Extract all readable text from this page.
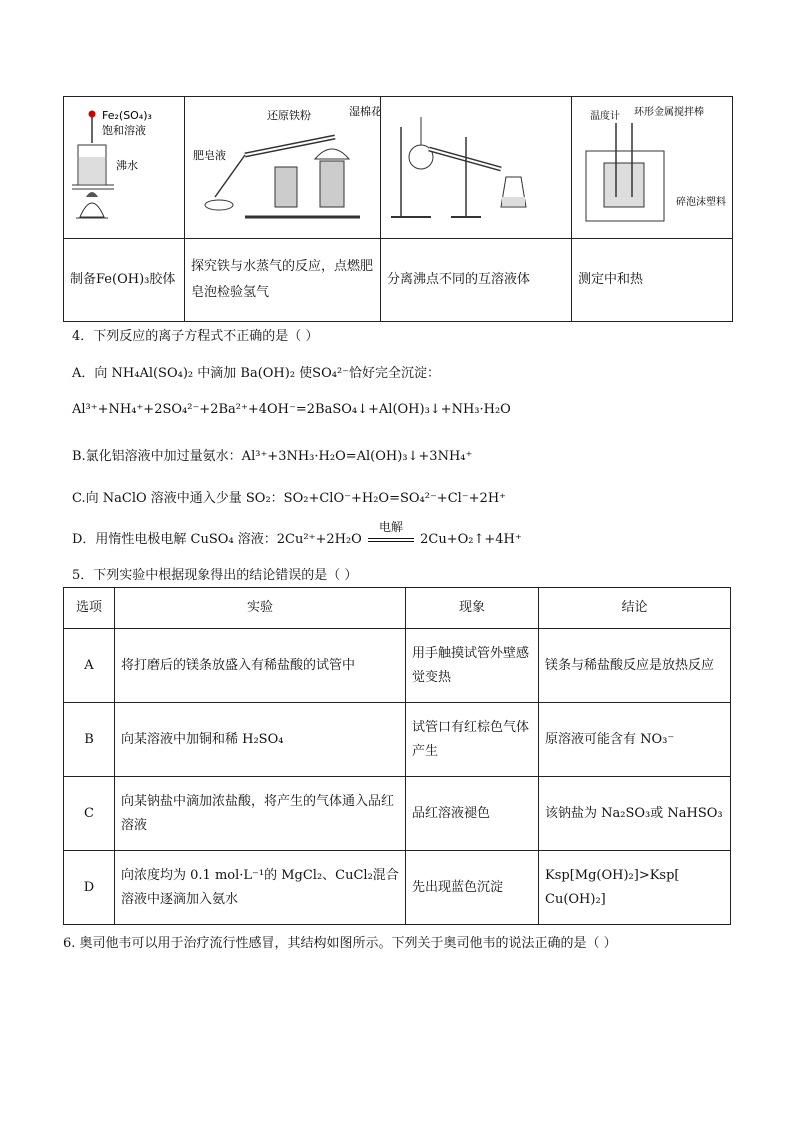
Fe₂(SO₄)₃
饱和溶液
沸水	还原铁粉 湿棉花
肥皂液		温度计 环形金属搅拌棒
碎泡沫塑料

制备Fe(OH)₃胶体	探究铁与水蒸气的反应，点燃肥皂泡检验氢气	分离沸点不同的互溶液体	测定中和热
4．下列反应的离子方程式不正确的是（ ）
A．向 NH₄Al(SO₄)₂ 中滴加 Ba(OH)₂ 使SO₄²⁻恰好完全沉淀：
Al³⁺+NH₄⁺+2SO₄²⁻+2Ba²⁺+4OH⁻=2BaSO₄↓+Al(OH)₃↓+NH₃·H₂O
B.氯化铝溶液中加过量氨水：Al³⁺+3NH₃·H₂O=Al(OH)₃↓+3NH₄⁺
C.向 NaClO 溶液中通入少量 SO₂：SO₂+ClO⁻+H₂O=SO₄²⁻+Cl⁻+2H⁺
D．用惰性电极电解 CuSO₄ 溶液：2Cu²⁺+2H₂O
电解
2Cu+O₂↑+4H⁺
5．下列实验中根据现象得出的结论错误的是（ ）
选项	实验	现象	结论
A	将打磨后的镁条放盛入有稀盐酸的试管中	用手触摸试管外壁感觉变热	镁条与稀盐酸反应是放热反应
B	向某溶液中加铜和稀 H₂SO₄	试管口有红棕色气体产生	原溶液可能含有 NO₃⁻
C	向某钠盐中滴加浓盐酸，将产生的气体通入品红溶液	品红溶液褪色	该钠盐为 Na₂SO₃或 NaHSO₃
D	向浓度均为 0.1 mol·L⁻¹的 MgCl₂、CuCl₂混合溶液中逐滴加入氨水	先出现蓝色沉淀	Ksp[Mg(OH)₂]>Ksp[ Cu(OH)₂]
6. 奥司他韦可以用于治疗流行性感冒，其结构如图所示。下列关于奥司他韦的说法正确的是（ ）
